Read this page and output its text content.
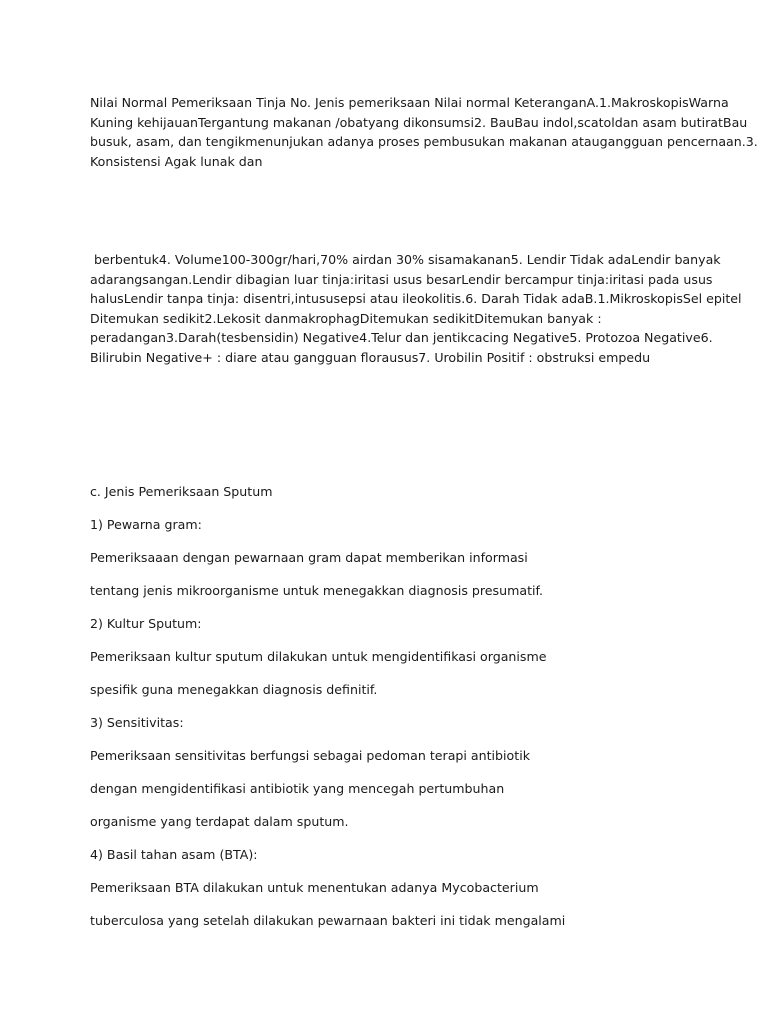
Nilai Normal Pemeriksaan Tinja No. Jenis pemeriksaan Nilai normal KeteranganA.1.MakroskopisWarna

Kuning kehijauanTergantung makanan /obatyang dikonsumsi2. BauBau indol,scatoldan asam butiratBau

busuk, asam, dan tengikmenunjukan adanya proses pembusukan makanan ataugangguan pencernaan.3.

Konsistensi Agak lunak dan

berbentuk4. Volume100-300gr/hari,70% airdan 30% sisamakanan5. Lendir Tidak adaLendir banyak

adarangsangan.Lendir dibagian luar tinja:iritasi usus besarLendir bercampur tinja:iritasi pada usus

halusLendir tanpa tinja: disentri,intususepsi atau ileokolitis.6. Darah Tidak adaB.1.MikroskopisSel epitel

Ditemukan sedikit2.Lekosit danmakrophagDitemukan sedikitDitemukan banyak :

peradangan3.Darah(tesbensidin) Negative4.Telur dan jentikcacing Negative5. Protozoa Negative6.

Bilirubin Negative+ : diare atau gangguan florausus7. Urobilin Positif : obstruksi empedu

c. Jenis Pemeriksaan Sputum
1) Pewarna gram:
Pemeriksaaan dengan pewarnaan gram dapat memberikan informasi
tentang jenis mikroorganisme untuk menegakkan diagnosis presumatif.
2) Kultur Sputum:
Pemeriksaan kultur sputum dilakukan untuk mengidentifikasi organisme
spesifik guna menegakkan diagnosis definitif.
3) Sensitivitas:
Pemeriksaan sensitivitas berfungsi sebagai pedoman terapi antibiotik
dengan mengidentifikasi antibiotik yang mencegah pertumbuhan
organisme yang terdapat dalam sputum.
4) Basil tahan asam (BTA):
Pemeriksaan BTA dilakukan untuk menentukan adanya Mycobacterium
tuberculosa yang setelah dilakukan pewarnaan bakteri ini tidak mengalami
